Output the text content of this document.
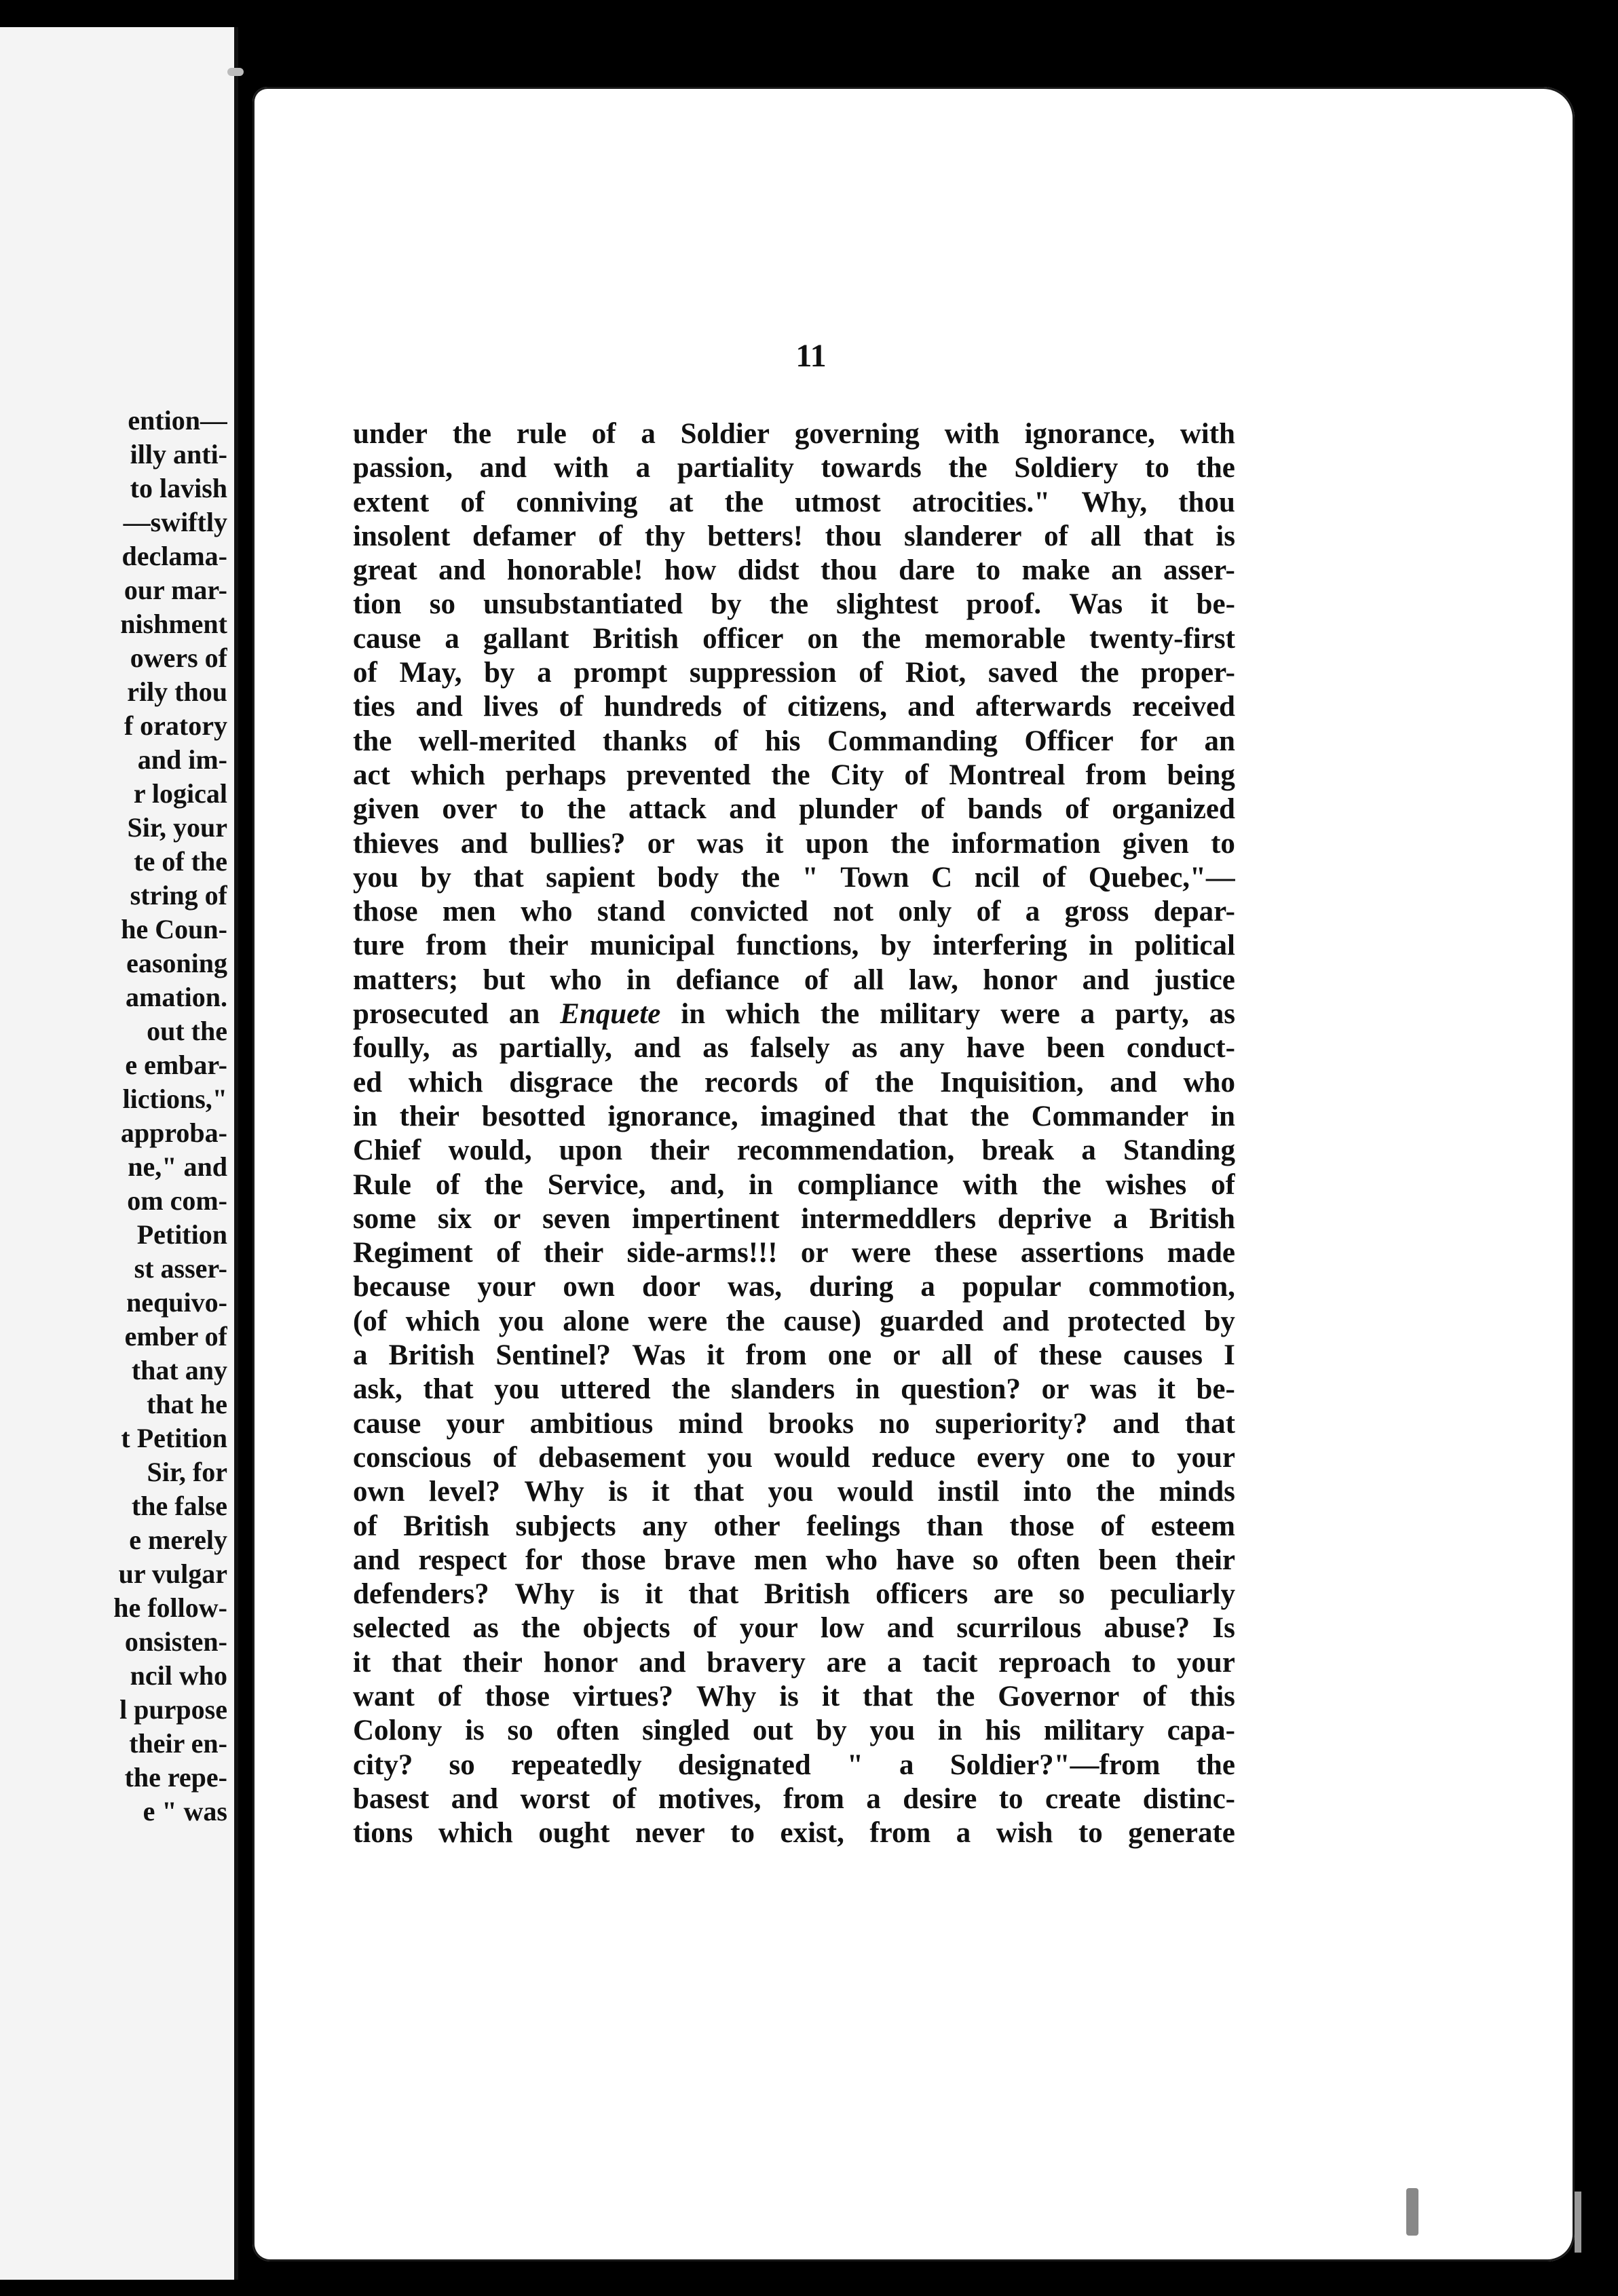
ention—
illy anti-
to lavish
—swiftly
declama-
our mar-
nishment
owers of
rily thou
f oratory
and im-
r logical
Sir, your
te of the
string of
he Coun-
easoning
amation.
out the
e embar-
lictions,"
approba-
ne," and
om com-
Petition
st asser-
nequivo-
ember of
that any
that he
t Petition
Sir, for
the false
e merely
ur vulgar
he follow-
onsisten-
ncil who
l purpose
their en-
the repe-
e " was
11
under the rule of a Soldier governing with ignorance, with
passion, and with a partiality towards the Soldiery to the
extent of conniving at the utmost atrocities." Why, thou
insolent defamer of thy betters! thou slanderer of all that is
great and honorable! how didst thou dare to make an asser-
tion so unsubstantiated by the slightest proof. Was it be-
cause a gallant British officer on the memorable twenty-first
of May, by a prompt suppression of Riot, saved the proper-
ties and lives of hundreds of citizens, and afterwards received
the well-merited thanks of his Commanding Officer for an
act which perhaps prevented the City of Montreal from being
given over to the attack and plunder of bands of organized
thieves and bullies? or was it upon the information given to
you by that sapient body the " Town C ncil of Quebec,"—
those men who stand convicted not only of a gross depar-
ture from their municipal functions, by interfering in political
matters; but who in defiance of all law, honor and justice
prosecuted an Enquete in which the military were a party, as
foully, as partially, and as falsely as any have been conduct-
ed which disgrace the records of the Inquisition, and who
in their besotted ignorance, imagined that the Commander in
Chief would, upon their recommendation, break a Standing
Rule of the Service, and, in compliance with the wishes of
some six or seven impertinent intermeddlers deprive a British
Regiment of their side-arms!!! or were these assertions made
because your own door was, during a popular commotion,
(of which you alone were the cause) guarded and protected by
a British Sentinel? Was it from one or all of these causes I
ask, that you uttered the slanders in question? or was it be-
cause your ambitious mind brooks no superiority? and that
conscious of debasement you would reduce every one to your
own level? Why is it that you would instil into the minds
of British subjects any other feelings than those of esteem
and respect for those brave men who have so often been their
defenders? Why is it that British officers are so peculiarly
selected as the objects of your low and scurrilous abuse? Is
it that their honor and bravery are a tacit reproach to your
want of those virtues? Why is it that the Governor of this
Colony is so often singled out by you in his military capa-
city? so repeatedly designated " a Soldier?"—from the
basest and worst of motives, from a desire to create distinc-
tions which ought never to exist, from a wish to generate
